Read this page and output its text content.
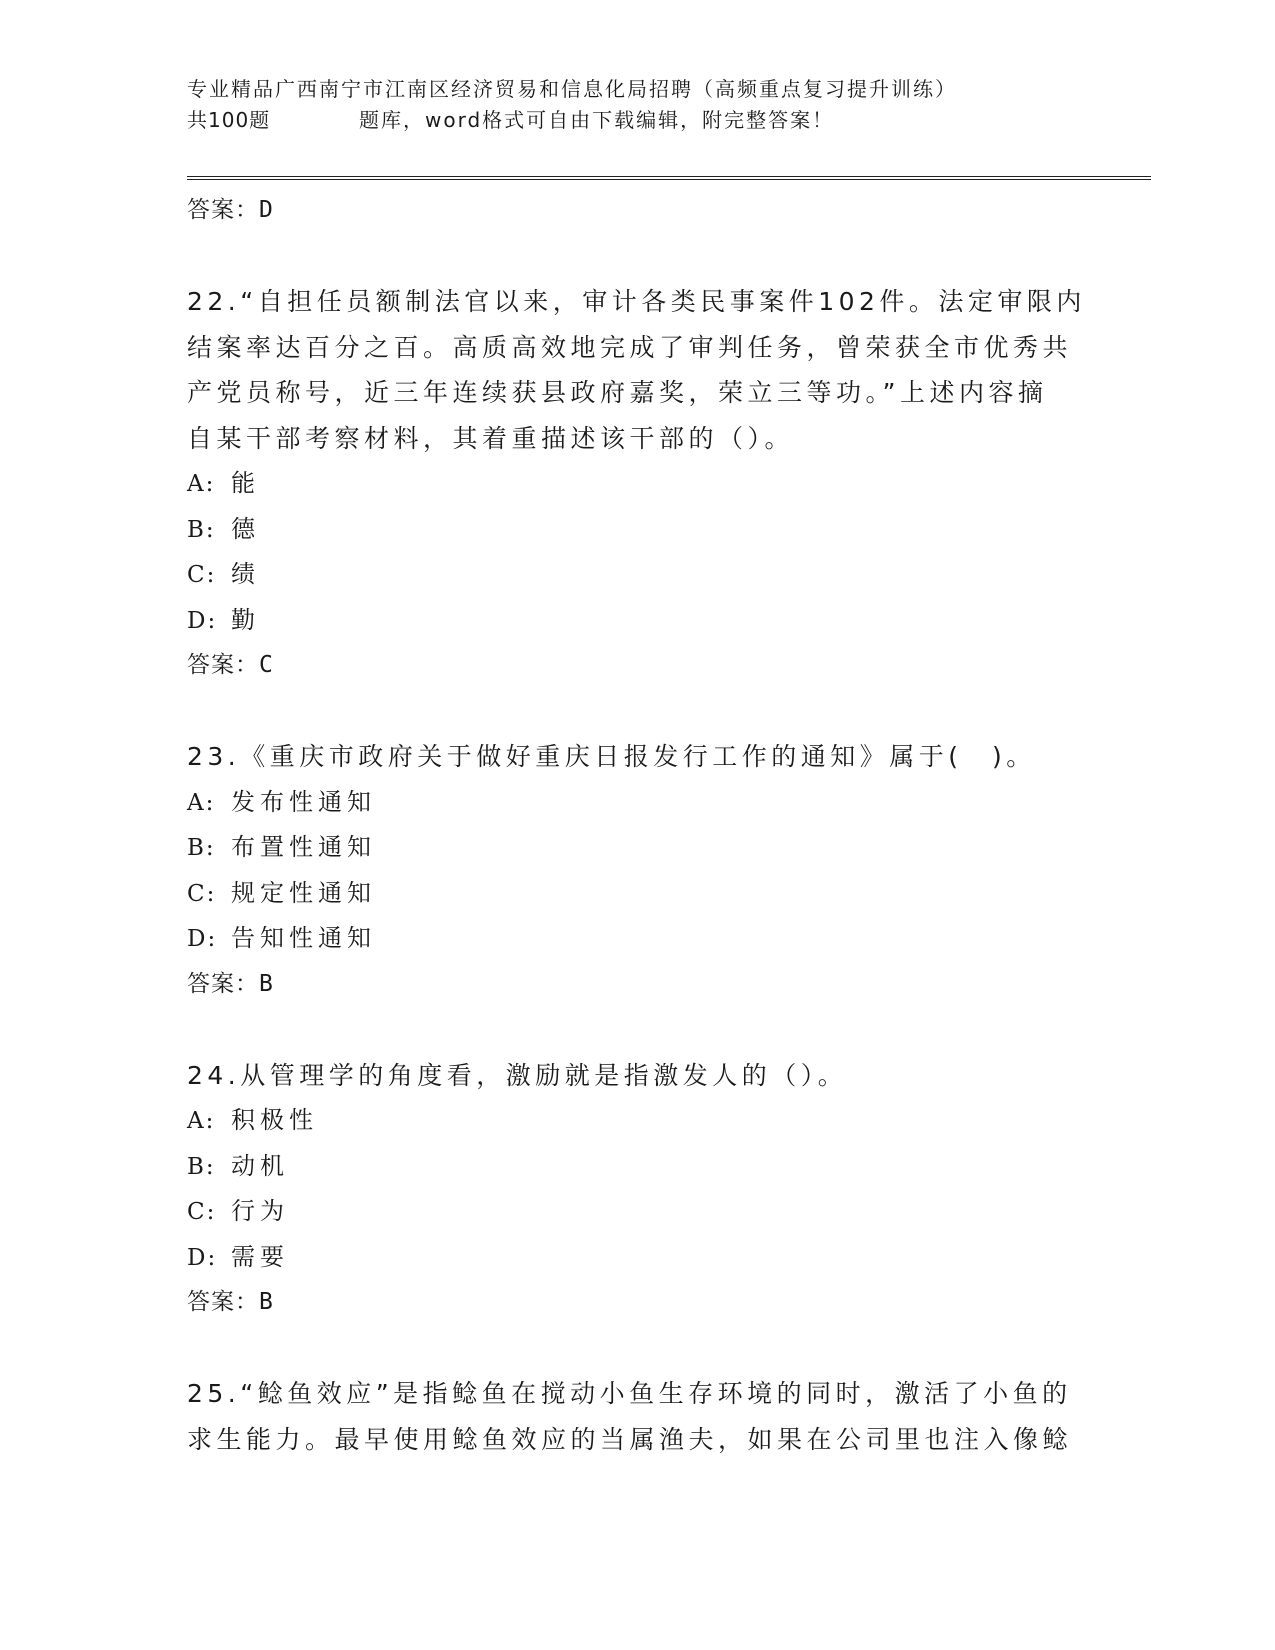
专业精品广西南宁市江南区经济贸易和信息化局招聘（高频重点复习提升训练）
共100题	题库，word格式可自由下载编辑，附完整答案！
答案：D
22.“自担任员额制法官以来，审计各类民事案件102件。法定审限内
结案率达百分之百。高质高效地完成了审判任务，曾荣获全市优秀共
产党员称号，近三年连续获县政府嘉奖，荣立三等功。”上述内容摘
自某干部考察材料，其着重描述该干部的（）。
A: 能
B: 德
C: 绩
D: 勤
答案：C
23.《重庆市政府关于做好重庆日报发行工作的通知》属于(　)。
A: 发布性通知
B: 布置性通知
C: 规定性通知
D: 告知性通知
答案：B
24.从管理学的角度看，激励就是指激发人的（）。
A: 积极性
B: 动机
C: 行为
D: 需要
答案：B
25.“鲶鱼效应”是指鲶鱼在搅动小鱼生存环境的同时，激活了小鱼的
求生能力。最早使用鲶鱼效应的当属渔夫，如果在公司里也注入像鲶
